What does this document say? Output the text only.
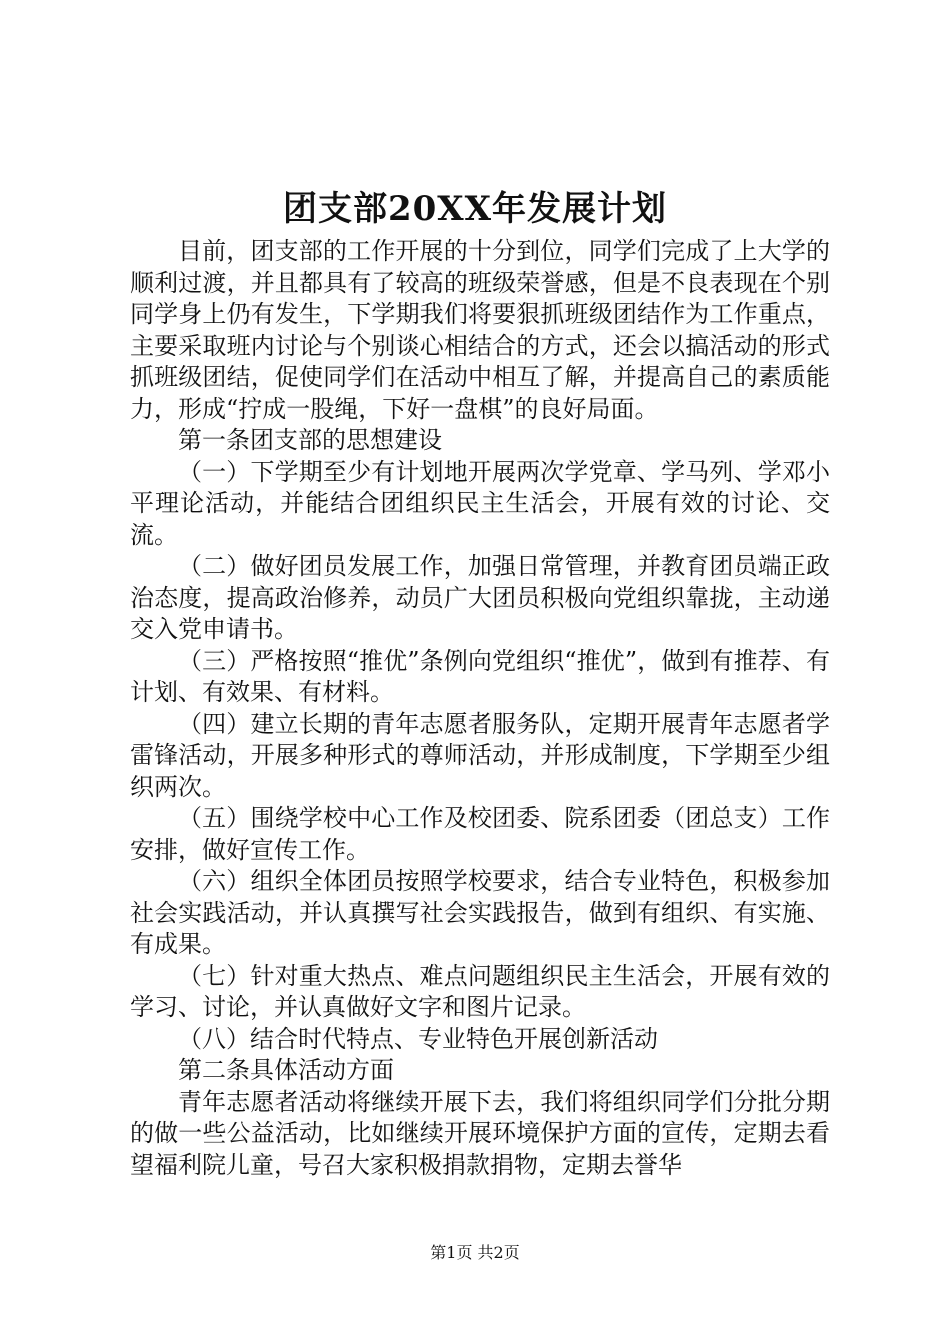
团支部20XX年发展计划

目前，团支部的工作开展的十分到位，同学们完成了上大学的顺利过渡，并且都具有了较高的班级荣誉感，但是不良表现在个别同学身上仍有发生，下学期我们将要狠抓班级团结作为工作重点，主要采取班内讨论与个别谈心相结合的方式，还会以搞活动的形式抓班级团结，促使同学们在活动中相互了解，并提高自己的素质能力，形成“拧成一股绳，下好一盘棋”的良好局面。

第一条团支部的思想建设

（一）下学期至少有计划地开展两次学党章、学马列、学邓小平理论活动，并能结合团组织民主生活会，开展有效的讨论、交流。

（二）做好团员发展工作，加强日常管理，并教育团员端正政治态度，提高政治修养，动员广大团员积极向党组织靠拢，主动递交入党申请书。

（三）严格按照“推优”条例向党组织“推优”，做到有推荐、有计划、有效果、有材料。

（四）建立长期的青年志愿者服务队，定期开展青年志愿者学雷锋活动，开展多种形式的尊师活动，并形成制度，下学期至少组织两次。

（五）围绕学校中心工作及校团委、院系团委（团总支）工作安排，做好宣传工作。

（六）组织全体团员按照学校要求，结合专业特色，积极参加社会实践活动，并认真撰写社会实践报告，做到有组织、有实施、有成果。

（七）针对重大热点、难点问题组织民主生活会，开展有效的学习、讨论，并认真做好文字和图片记录。

（八）结合时代特点、专业特色开展创新活动

第二条具体活动方面

青年志愿者活动将继续开展下去，我们将组织同学们分批分期的做一些公益活动，比如继续开展环境保护方面的宣传，定期去看望福利院儿童，号召大家积极捐款捐物，定期去誉华

第1页 共2页
